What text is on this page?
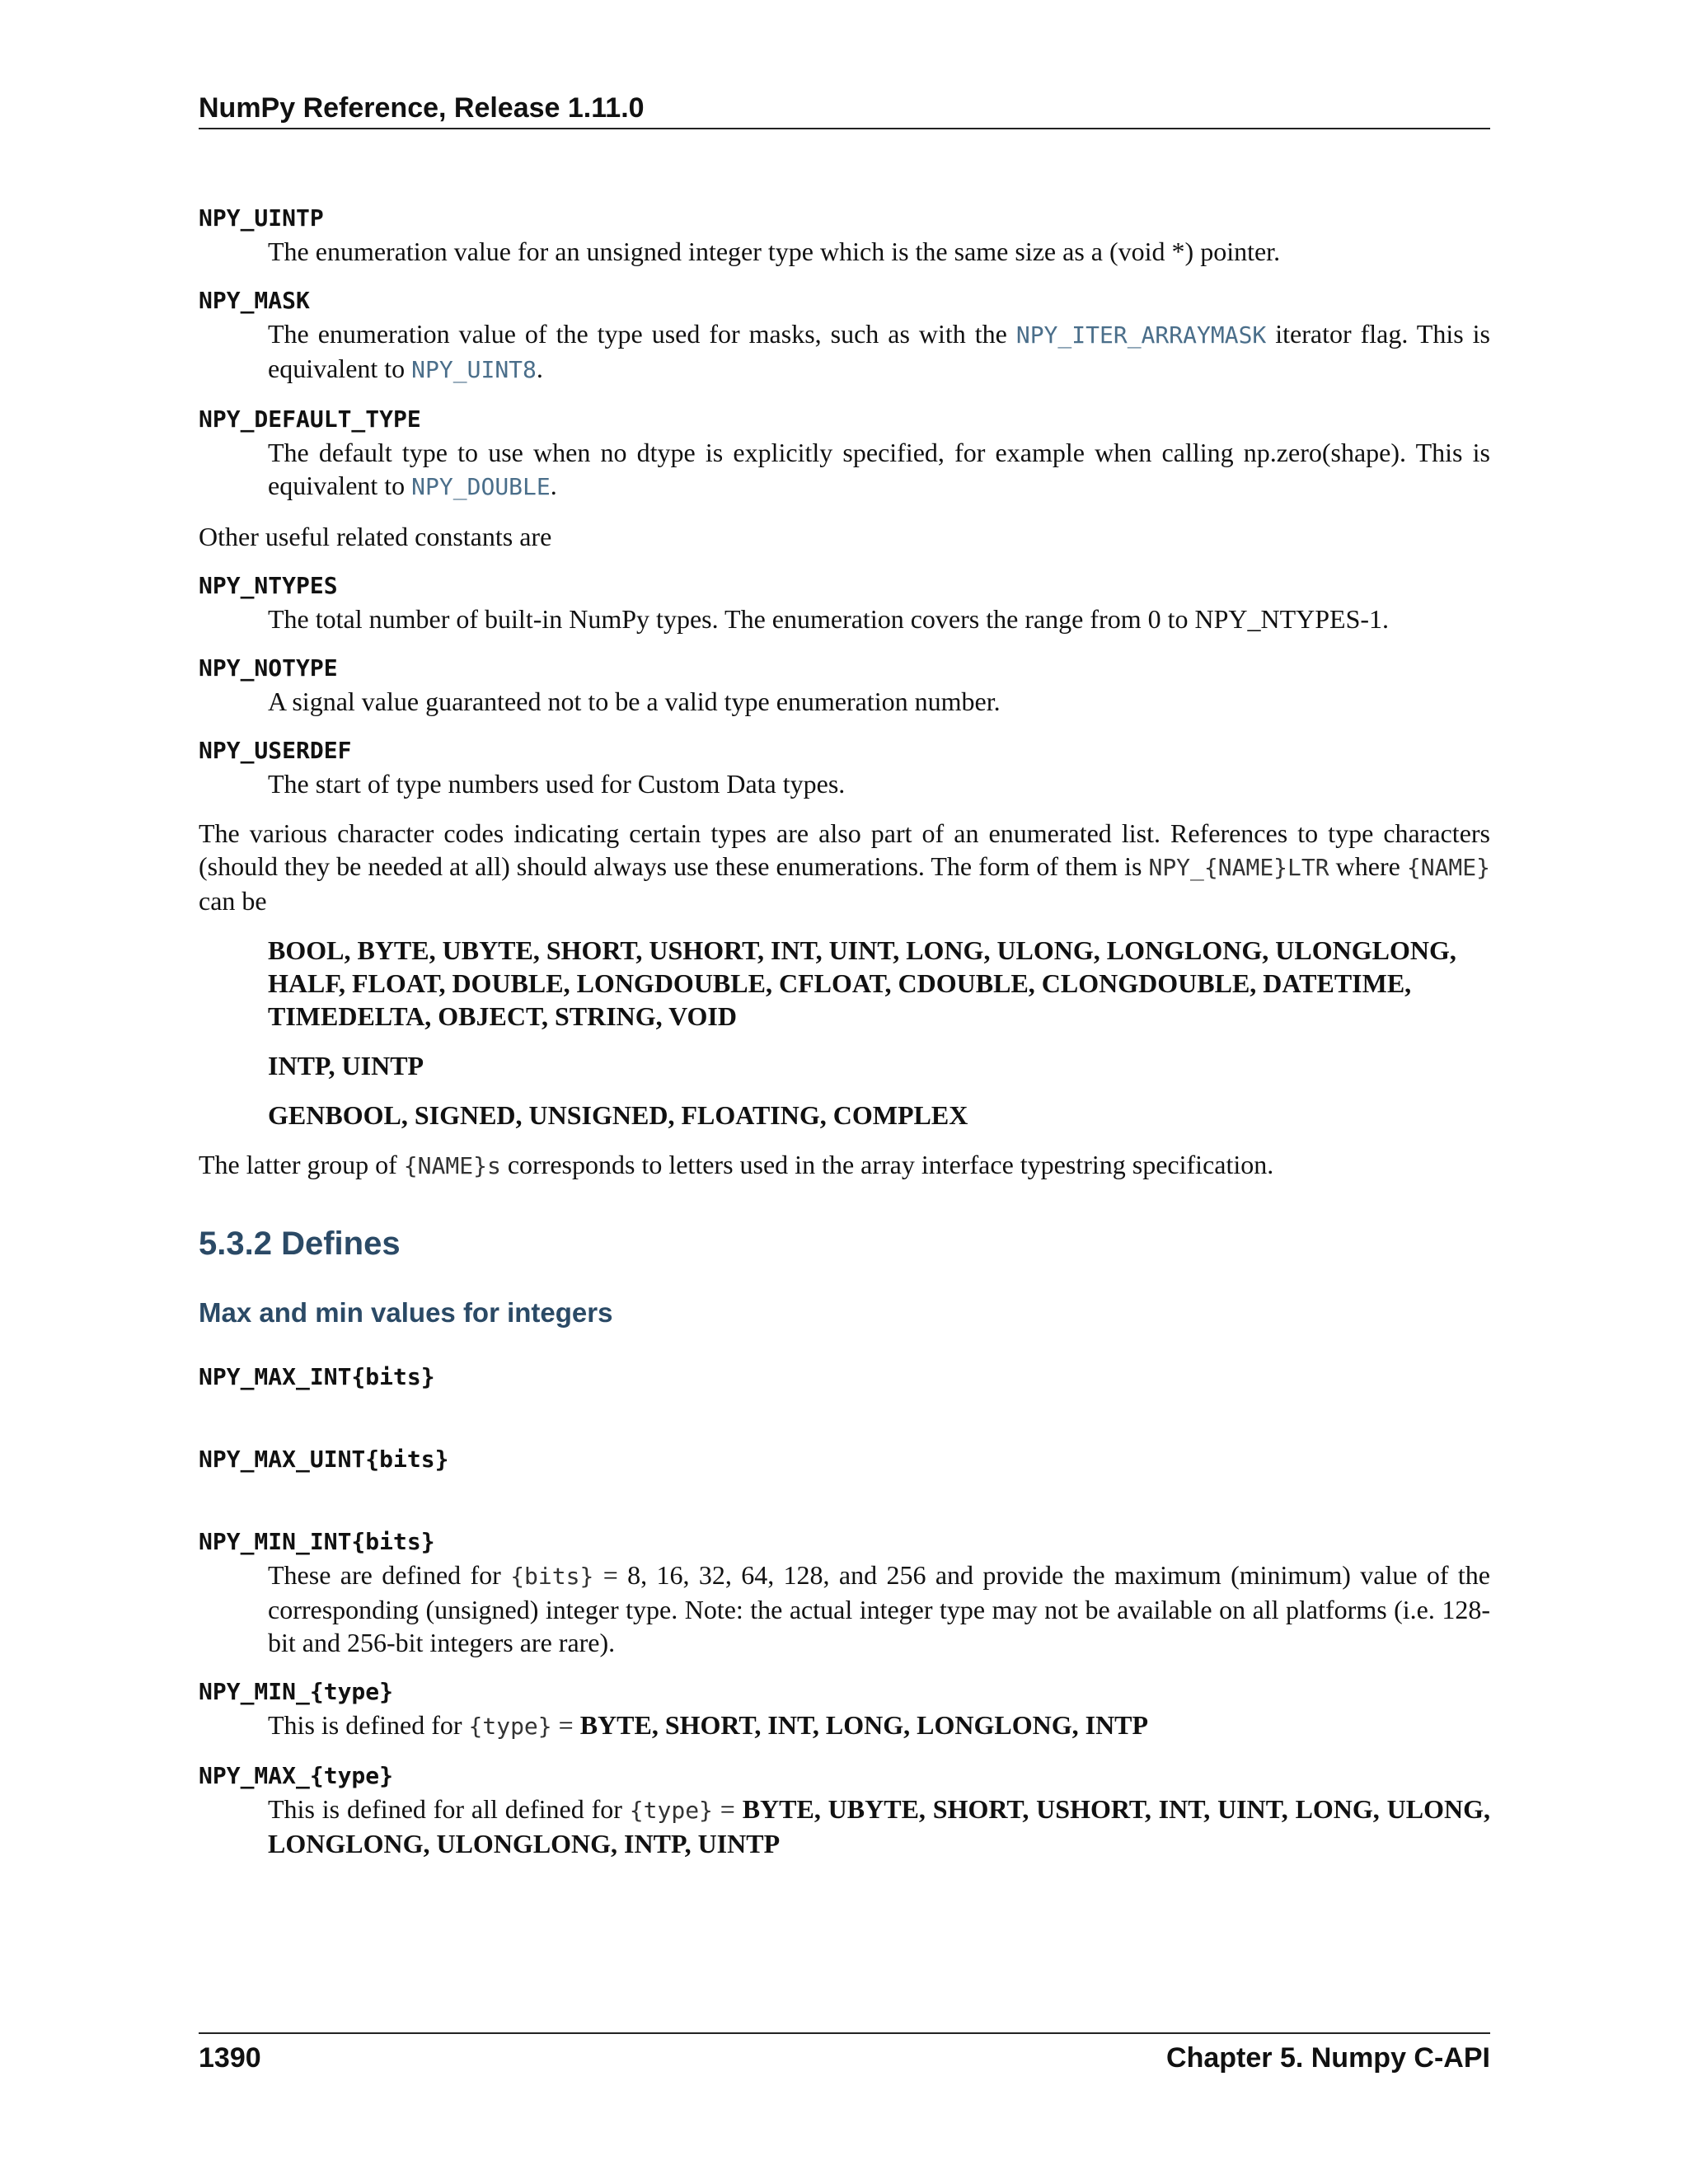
NumPy Reference, Release 1.11.0
NPY_UINTP
The enumeration value for an unsigned integer type which is the same size as a (void *) pointer.
NPY_MASK
The enumeration value of the type used for masks, such as with the NPY_ITER_ARRAYMASK iterator flag. This is equivalent to NPY_UINT8.
NPY_DEFAULT_TYPE
The default type to use when no dtype is explicitly specified, for example when calling np.zero(shape). This is equivalent to NPY_DOUBLE.

Other useful related constants are

NPY_NTYPES
The total number of built-in NumPy types. The enumeration covers the range from 0 to NPY_NTYPES-1.
NPY_NOTYPE
A signal value guaranteed not to be a valid type enumeration number.
NPY_USERDEF
The start of type numbers used for Custom Data types.

The various character codes indicating certain types are also part of an enumerated list. References to type characters (should they be needed at all) should always use these enumerations. The form of them is NPY_{NAME}LTR where {NAME} can be

BOOL, BYTE, UBYTE, SHORT, USHORT, INT, UINT, LONG, ULONG, LONGLONG, ULONGLONG, HALF, FLOAT, DOUBLE, LONGDOUBLE, CFLOAT, CDOUBLE, CLONGDOUBLE, DATETIME, TIMEDELTA, OBJECT, STRING, VOID
INTP, UINTP
GENBOOL, SIGNED, UNSIGNED, FLOATING, COMPLEX

The latter group of {NAME}s corresponds to letters used in the array interface typestring specification.

5.3.2 Defines
Max and min values for integers
NPY_MAX_INT{bits}
NPY_MAX_UINT{bits}
NPY_MIN_INT{bits}
These are defined for {bits} = 8, 16, 32, 64, 128, and 256 and provide the maximum (minimum) value of the corresponding (unsigned) integer type. Note: the actual integer type may not be available on all platforms (i.e. 128-bit and 256-bit integers are rare).
NPY_MIN_{type}
This is defined for {type} = BYTE, SHORT, INT, LONG, LONGLONG, INTP
NPY_MAX_{type}
This is defined for all defined for {type} = BYTE, UBYTE, SHORT, USHORT, INT, UINT, LONG, ULONG, LONGLONG, ULONGLONG, INTP, UINTP
1390	Chapter 5. Numpy C-API
